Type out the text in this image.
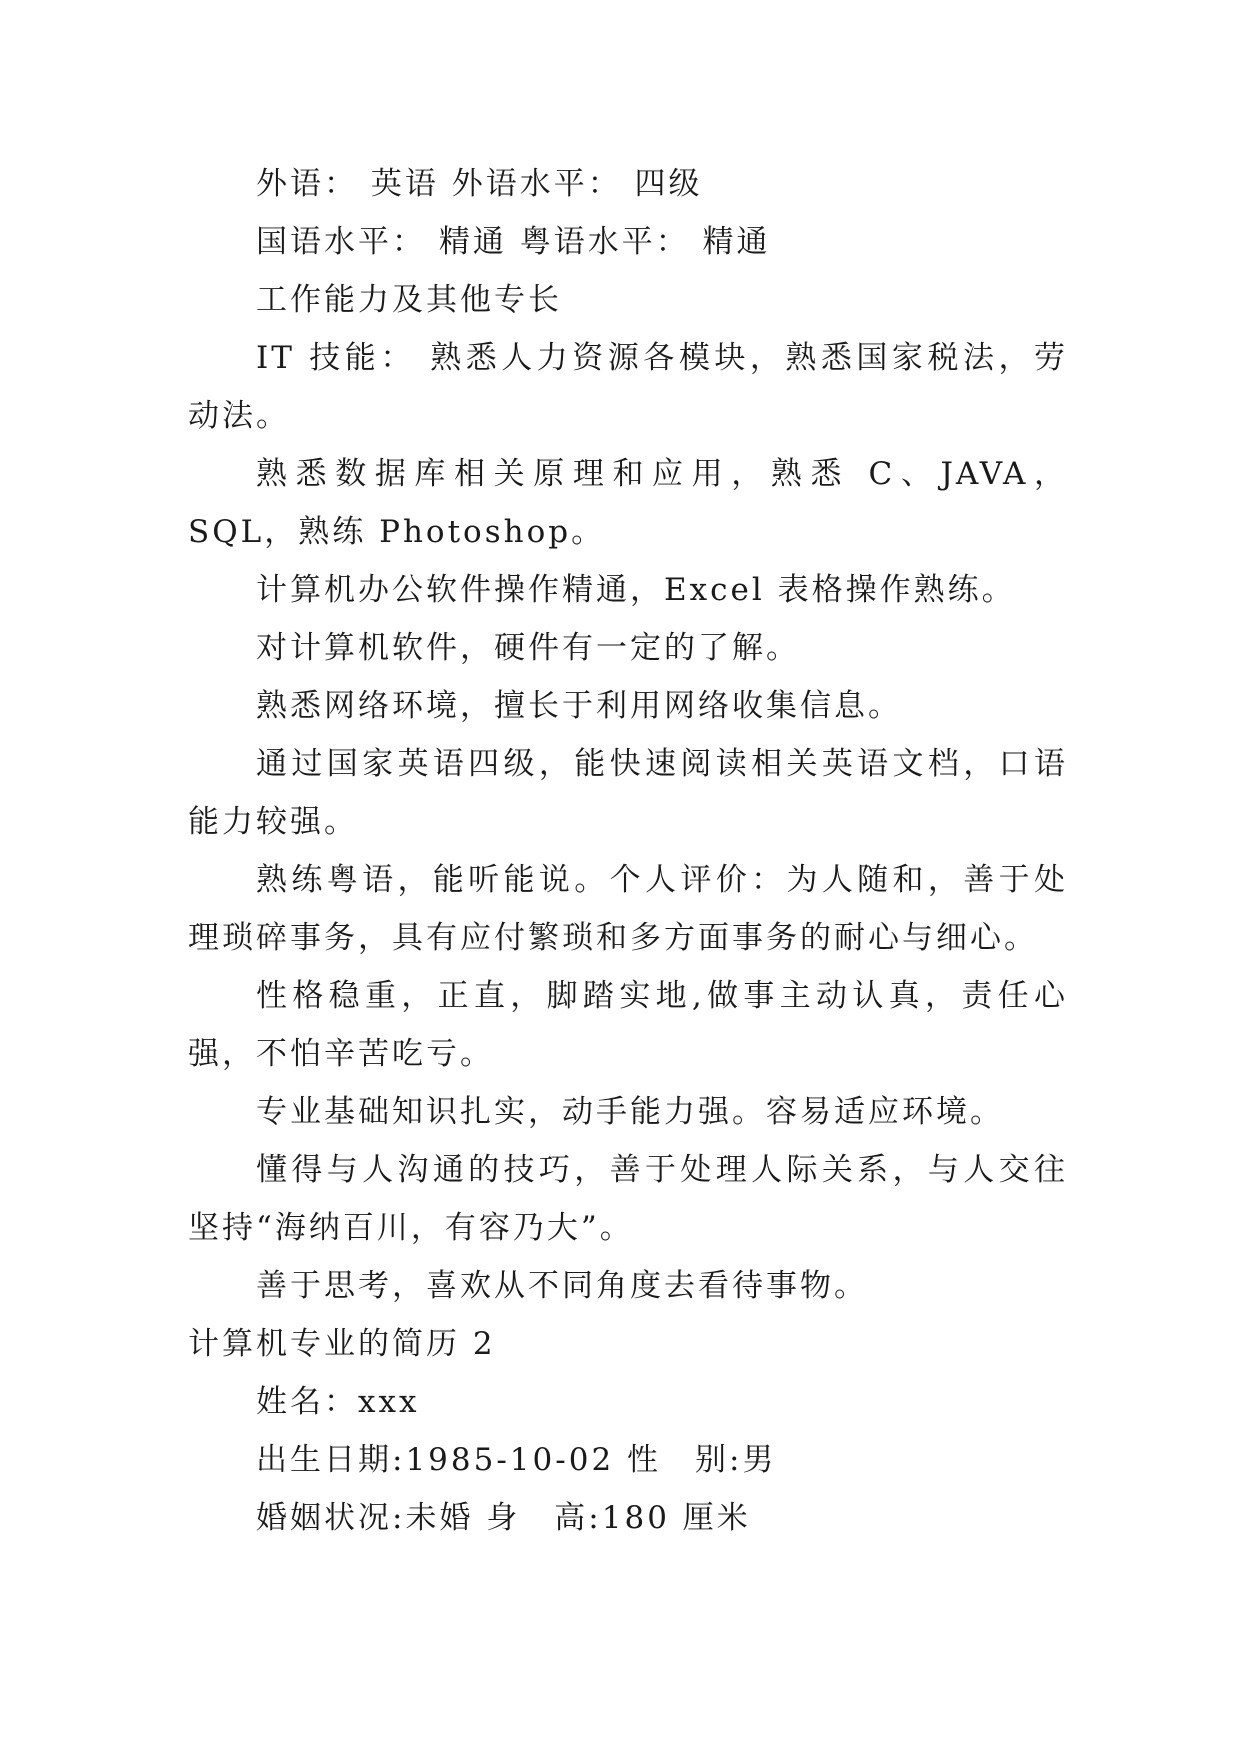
外语： 英语 外语水平： 四级

国语水平： 精通 粤语水平： 精通

工作能力及其他专长

IT 技能： 熟悉人力资源各模块，熟悉国家税法，劳动法。

熟悉数据库相关原理和应用，熟悉 C、JAVA，SQL，熟练 Photoshop。

计算机办公软件操作精通，Excel 表格操作熟练。

对计算机软件，硬件有一定的了解。

熟悉网络环境，擅长于利用网络收集信息。

通过国家英语四级，能快速阅读相关英语文档，口语能力较强。

熟练粤语，能听能说。个人评价：为人随和，善于处理琐碎事务，具有应付繁琐和多方面事务的耐心与细心。

性格稳重，正直，脚踏实地,做事主动认真，责任心强，不怕辛苦吃亏。

专业基础知识扎实，动手能力强。容易适应环境。

懂得与人沟通的技巧，善于处理人际关系，与人交往坚持“海纳百川，有容乃大”。

善于思考，喜欢从不同角度去看待事物。

计算机专业的简历 2

姓名：xxx

出生日期:1985-10-02 性　别:男

婚姻状况:未婚 身　高:180 厘米
